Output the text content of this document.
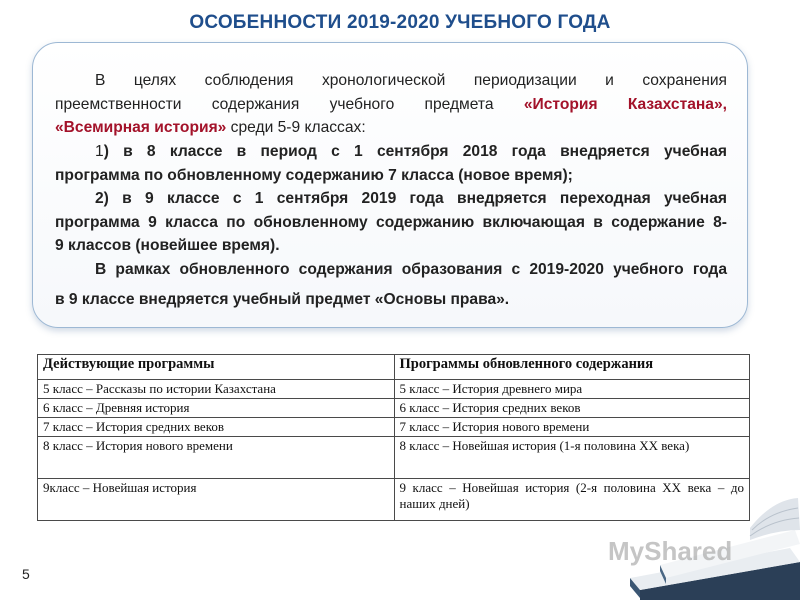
ОСОБЕННОСТИ 2019-2020 УЧЕБНОГО ГОДА
В целях соблюдения хронологической периодизации и сохранения
преемственности содержания учебного предмета «История Казахстана»,
«Всемирная история» среди 5-9 классах:
1) в 8 классе в период с 1 сентября 2018 года внедряется учебная
программа по обновленному содержанию 7 класса (новое время);
2) в 9 классе с 1 сентября 2019 года внедряется переходная учебная
программа 9 класса по обновленному содержанию включающая в содержание 8-
9 классов (новейшее время).
В рамках обновленного содержания образования с 2019-2020 учебного года
в 9 классе внедряется учебный предмет «Основы права».
Действующие программы	Программы обновленного содержания
5 класс – Рассказы по истории Казахстана	5 класс – История древнего мира
6 класс – Древняя история	6 класс – История средних веков
7 класс – История средних веков	7 класс – История нового времени
8 класс – История нового времени	8 класс – Новейшая история (1-я половина XX века)
9класс – Новейшая история	9 класс – Новейшая история (2-я половина XX века – до наших дней)
MyShared
5
